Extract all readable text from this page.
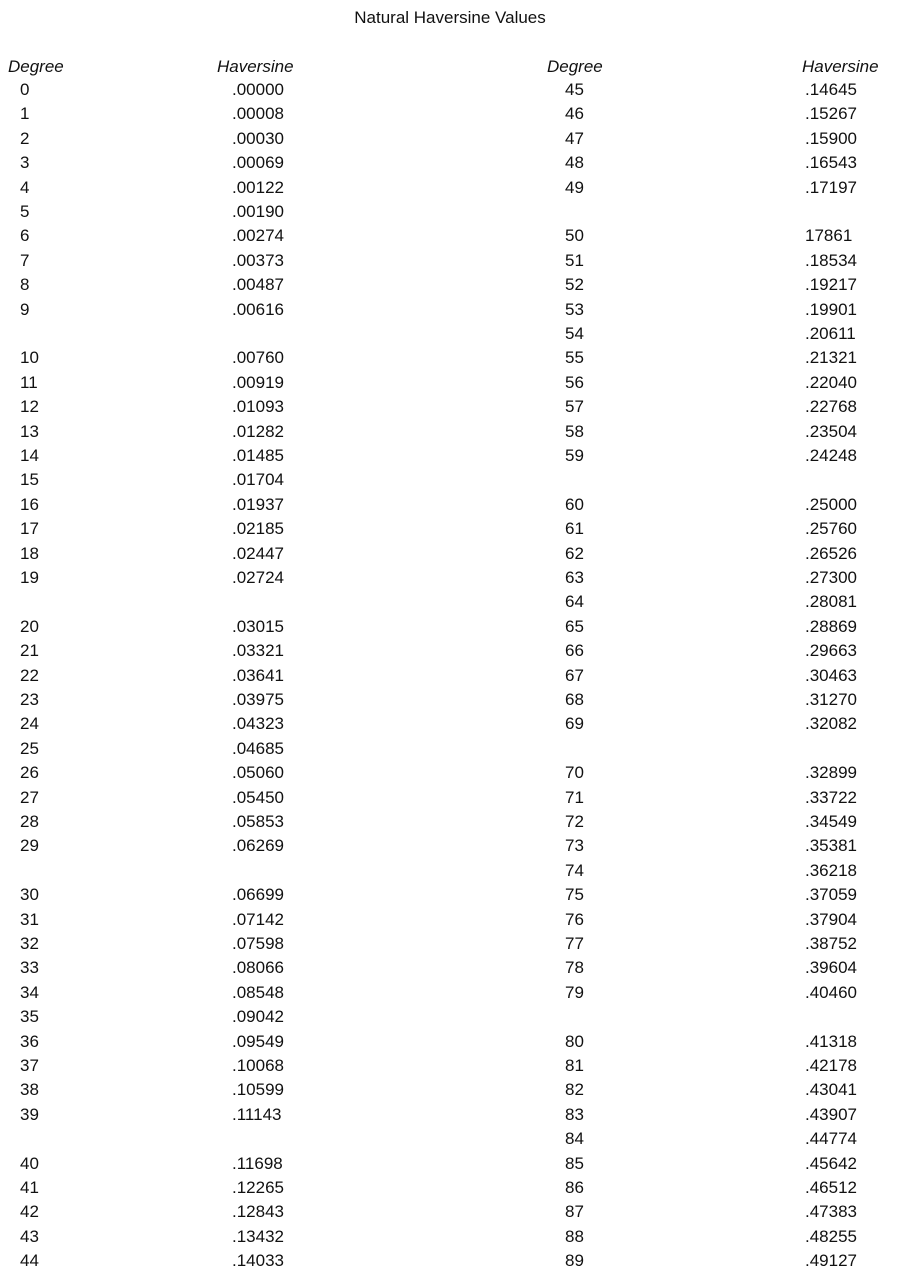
Natural Haversine Values
Degree	Haversine	Degree	Haversine
0	.00000
1	.00008
2	.00030
3	.00069
4	.00122
5	.00190
6	.00274
7	.00373
8	.00487
9	.00616
10	.00760
11	.00919
12	.01093
13	.01282
14	.01485
15	.01704
16	.01937
17	.02185
18	.02447
19	.02724
20	.03015
21	.03321
22	.03641
23	.03975
24	.04323
25	.04685
26	.05060
27	.05450
28	.05853
29	.06269
30	.06699
31	.07142
32	.07598
33	.08066
34	.08548
35	.09042
36	.09549
37	.10068
38	.10599
39	.11143
40	.11698
41	.12265
42	.12843
43	.13432
44	.14033
45	.14645
46	.15267
47	.15900
48	.16543
49	.17197
50	17861
51	.18534
52	.19217
53	.19901
54	.20611
55	.21321
56	.22040
57	.22768
58	.23504
59	.24248
60	.25000
61	.25760
62	.26526
63	.27300
64	.28081
65	.28869
66	.29663
67	.30463
68	.31270
69	.32082
70	.32899
71	.33722
72	.34549
73	.35381
74	.36218
75	.37059
76	.37904
77	.38752
78	.39604
79	.40460
80	.41318
81	.42178
82	.43041
83	.43907
84	.44774
85	.45642
86	.46512
87	.47383
88	.48255
89	.49127
